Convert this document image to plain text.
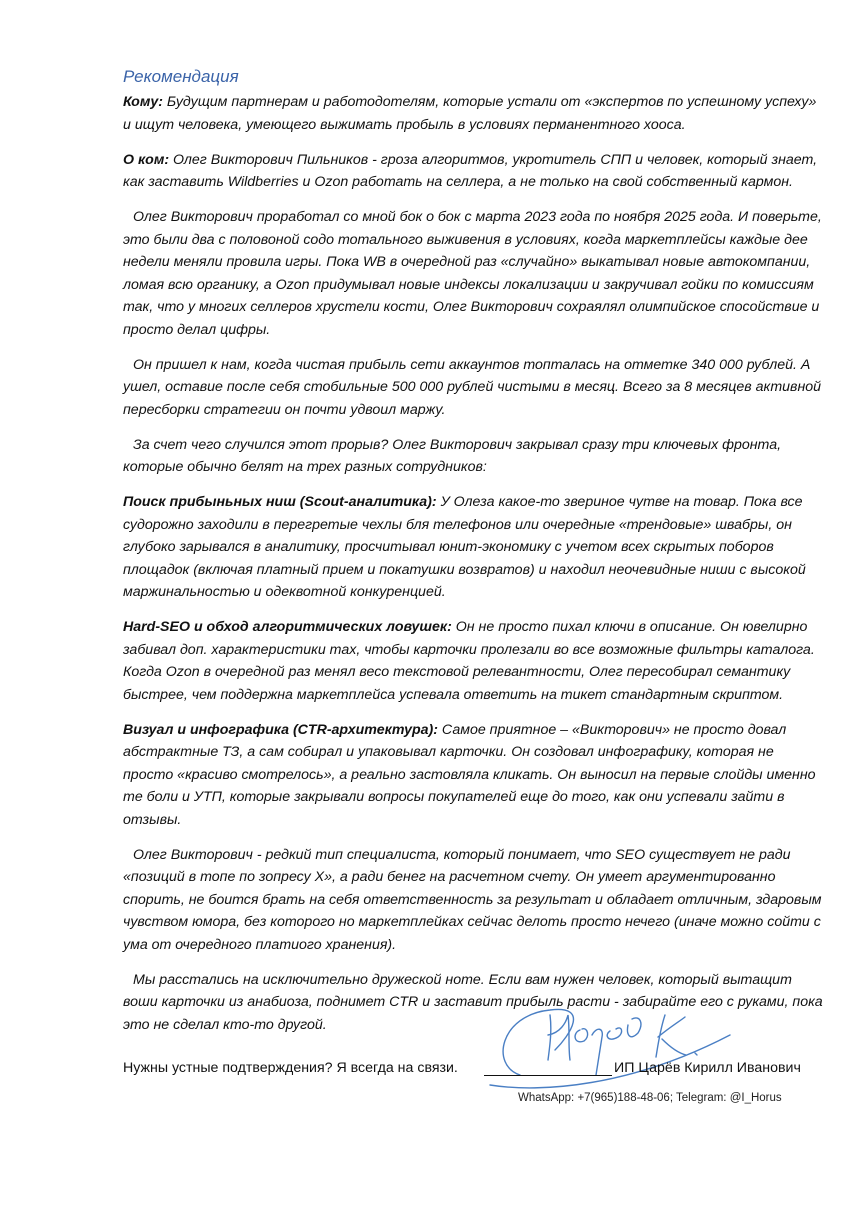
Рекомендация

Кому: Будущим партнерам и работодотелям, которые устали от «экспертов по успешному успеху» и ищут человека, умеющего выжимать пробыль в условиях перманентного хооса.

О ком: Олег Викторович Пильников - гроза алгоритмов, укротитель СПП и человек, который знает, как заставить Wildberries и Ozon работать на селлера, а не только на свой собственный кармон.

Олег Викторович проработал со мной бок о бок с марта 2023 года по ноября 2025 года. И поверьте, это были два с половоной содо тотального выживения в условиях, когда маркетплейсы каждые дее недели меняли провила игры. Пока WB в очередной раз «случайно» выкатывал новые автокомпании, ломая всю органику, а Ozon придумывал новые индексы локализации и закручивал гойки по комиссиям так, что у многих селлеров хрустели кости, Олег Викторович сохраялял олимпийское спосойствие и просто делал цифры.

Он пришел к нам, когда чистая прибыль сети аккаунтов топталась на отметке 340 000 рублей. А ушел, оставие после себя стобильные 500 000 рублей чистыми в месяц. Всего за 8 месяцев активной пересборки стратегии он почти удвоил маржу.

За счет чего случился этот прорыв? Олег Викторович закрывал сразу три ключевых фронта, которые обычно белят на трех разных сотрудников:

Поиск прибыньных ниш (Scout-аналитика): У Олеза какое-то звериное чутве на товар. Пока все судорожно заходили в перегретые чехлы бля телефонов или очередные «трендовые» швабры, он глубоко зарывался в аналитику, просчитывал юнит-экономику с учетом всех скрытых поборов площадок (включая платный прием и покатушки возвратов) и находил неочевидные ниши с высокой маржинальностью и одеквотной конкуренцией.

Hard-SEO и обход алгоритмических ловушек: Он не просто пихал ключи в описание. Он ювелирно забивал доп. характеристики тах, чтобы карточки пролезали во все возможные фильтры каталога. Когда Ozon в очередной раз менял весо текстовой релевантности, Олег пересобирал семантику быстрее, чем поддержна маркетплейса успевала ответить на тикет стандартным скриптом.

Визуал и инфографика (CTR-архитектура): Самое приятное – «Викторович» не просто довал абстрактные ТЗ, а сам собирал и упаковывал карточки. Он создовал инфографику, которая не просто «красиво смотрелось», а реально застовляла кликать. Он выносил на первые слойды именно те боли и УТП, которые закрывали вопросы покупателей еще до того, как они успевали зайти в отзывы.

Олег Викторович - редкий тип специалиста, который понимает, что SEO существует не ради «позиций в топе по зопресу Х», а ради бенег на расчетном счету. Он умеет аргументированно спорить, не боится брать на себя ответственность за результат и обладает отличным, здаровым чувством юмора, без которого но маркетплейках сейчас делоть просто нечего (иначе можно сойти с ума от очередного платиого хранения).

Мы расстались на исключительно дружеской ноте. Если вам нужен человек, который вытащит вошu карточки из анабиоза, поднимет CTR и заставит прибыль расти - забирайте его с руками, пока это не сделал кто-то другой.

Нужны устные подтверждения? Я всегда на связи.	ИП Царёв Кирилл Иванович
WhatsApp: +7(965)188-48-06; Telegram: @I_Horus
